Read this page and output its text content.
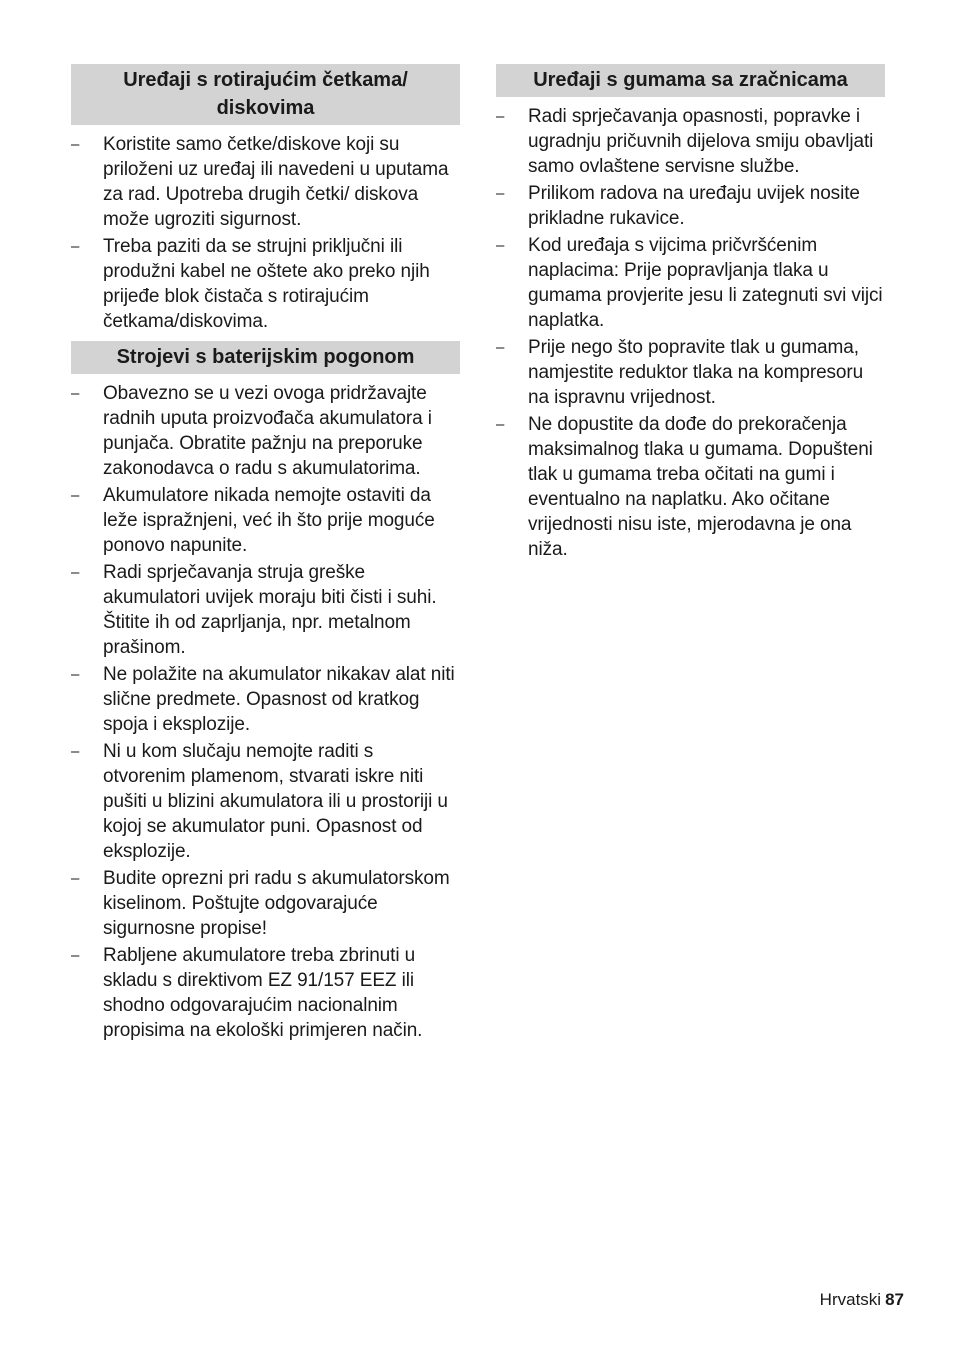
Uređaji s rotirajućim četkama/ diskovima
– Koristite samo četke/diskove koji su priloženi uz uređaj ili navedeni u uputama za rad. Upotreba drugih četki/ diskova može ugroziti sigurnost.
– Treba paziti da se strujni priključni ili produžni kabel ne oštete ako preko njih prijeđe blok čistača s rotirajućim četkama/diskovima.
Strojevi s baterijskim pogonom
– Obavezno se u vezi ovoga pridržavajte radnih uputa proizvođača akumulatora i punjača. Obratite pažnju na preporuke zakonodavca o radu s akumulatorima.
– Akumulatore nikada nemojte ostaviti da leže ispražnjeni, već ih što prije moguće ponovo napunite.
– Radi sprječavanja struja greške akumulatori uvijek moraju biti čisti i suhi. Štitite ih od zaprljanja, npr. metalnom prašinom.
– Ne polažite na akumulator nikakav alat niti slične predmete. Opasnost od kratkog spoja i eksplozije.
– Ni u kom slučaju nemojte raditi s otvorenim plamenom, stvarati iskre niti pušiti u blizini akumulatora ili u prostoriji u kojoj se akumulator puni. Opasnost od eksplozije.
– Budite oprezni pri radu s akumulatorskom kiselinom. Poštujte odgovarajuće sigurnosne propise!
– Rabljene akumulatore treba zbrinuti u skladu s direktivom EZ 91/157 EEZ ili shodno odgovarajućim nacionalnim propisima na ekološki primjeren način.
Uređaji s gumama sa zračnicama
– Radi sprječavanja opasnosti, popravke i ugradnju pričuvnih dijelova smiju obavljati samo ovlaštene servisne službe.
– Prilikom radova na uređaju uvijek nosite prikladne rukavice.
– Kod uređaja s vijcima pričvršćenim naplacima: Prije popravljanja tlaka u gumama provjerite jesu li zategnuti svi vijci naplatka.
– Prije nego što popravite tlak u gumama, namjestite reduktor tlaka na kompresoru na ispravnu vrijednost.
– Ne dopustite da dođe do prekoračenja maksimalnog tlaka u gumama. Dopušteni tlak u gumama treba očitati na gumi i eventualno na naplatku. Ako očitane vrijednosti nisu iste, mjerodavna je ona niža.
Hrvatski 87
